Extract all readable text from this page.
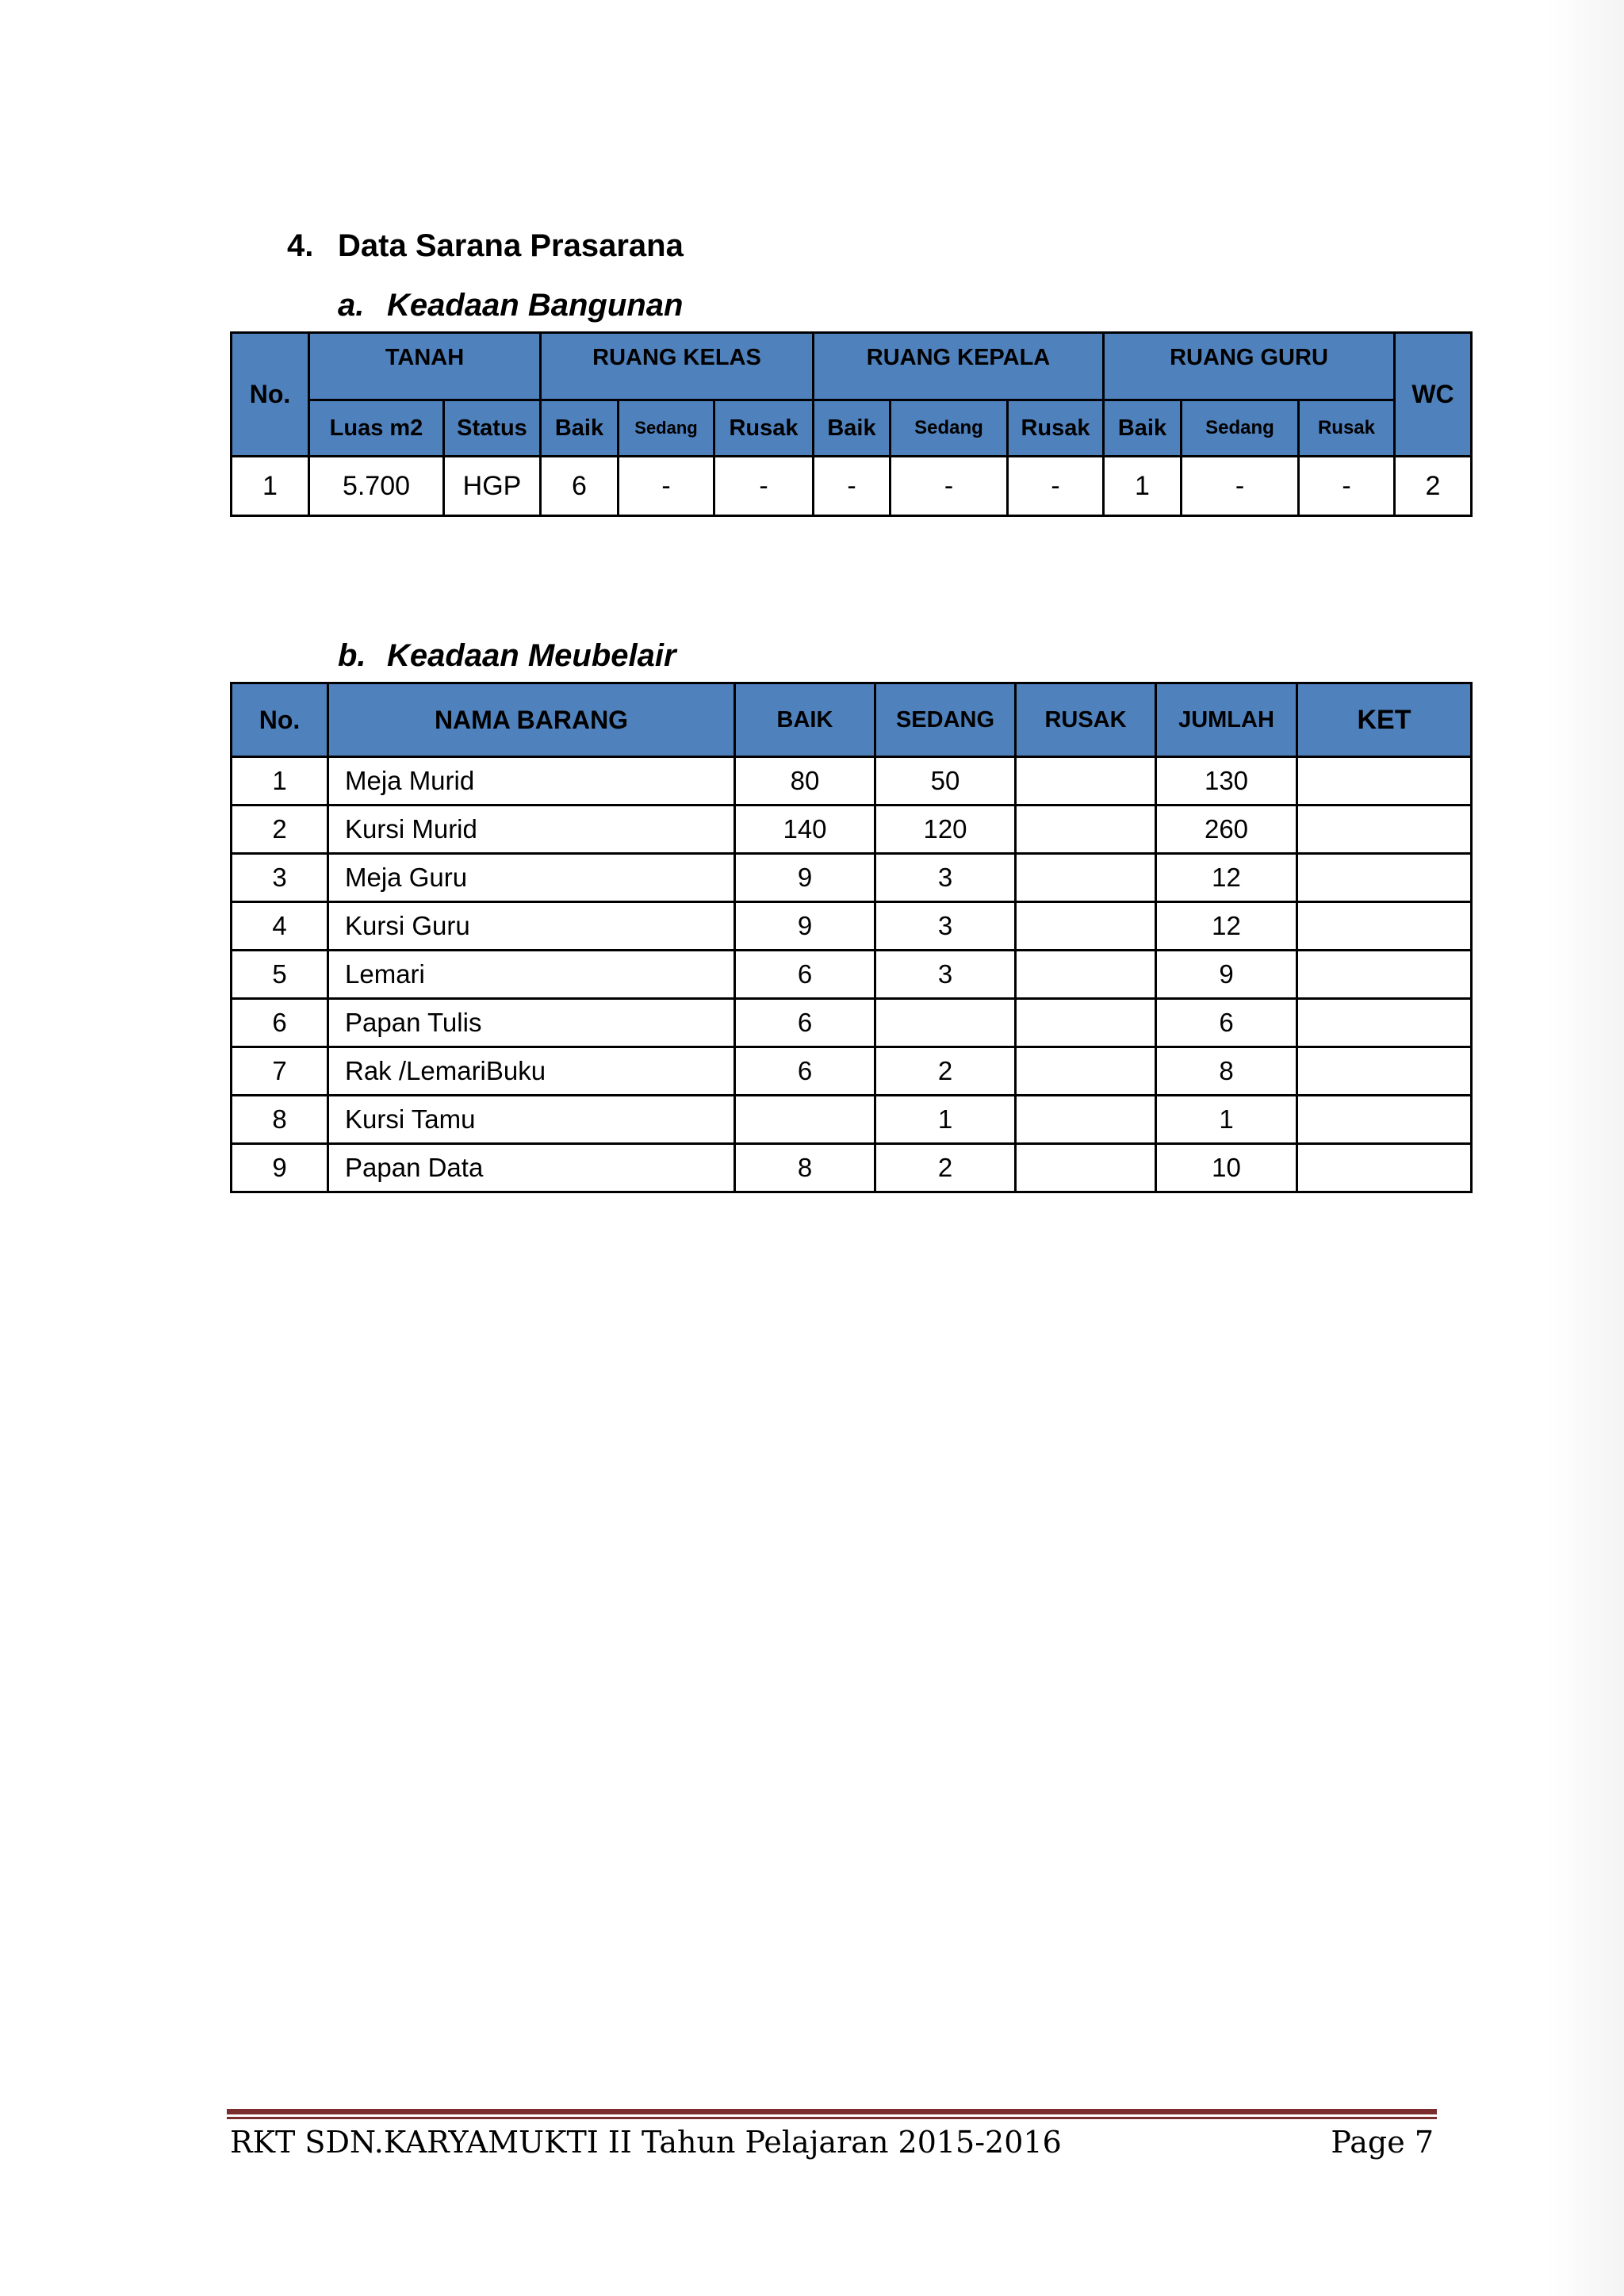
4. Data Sarana Prasarana
a. Keadaan Bangunan
No.	TANAH		RUANG KELAS			RUANG KEPALA			RUANG GURU			WC
	Luas m2	Status	Baik	Sedang	Rusak	Baik	Sedang	Rusak	Baik	Sedang	Rusak	
1	5.700	HGP	6	-	-	-	-	-	1	-	-	2
b. Keadaan Meubelair
No.	NAMA BARANG	BAIK	SEDANG	RUSAK	JUMLAH	KET
1	Meja Murid	80	50		130	
2	Kursi Murid	140	120		260	
3	Meja Guru	9	3		12	
4	Kursi Guru	9	3		12	
5	Lemari	6	3		9	
6	Papan Tulis	6			6	
7	Rak /LemariBuku	6	2		8	
8	Kursi Tamu		1		1	
9	Papan Data	8	2		10	
RKT SDN.KARYAMUKTI II Tahun Pelajaran 2015-2016	Page 7
